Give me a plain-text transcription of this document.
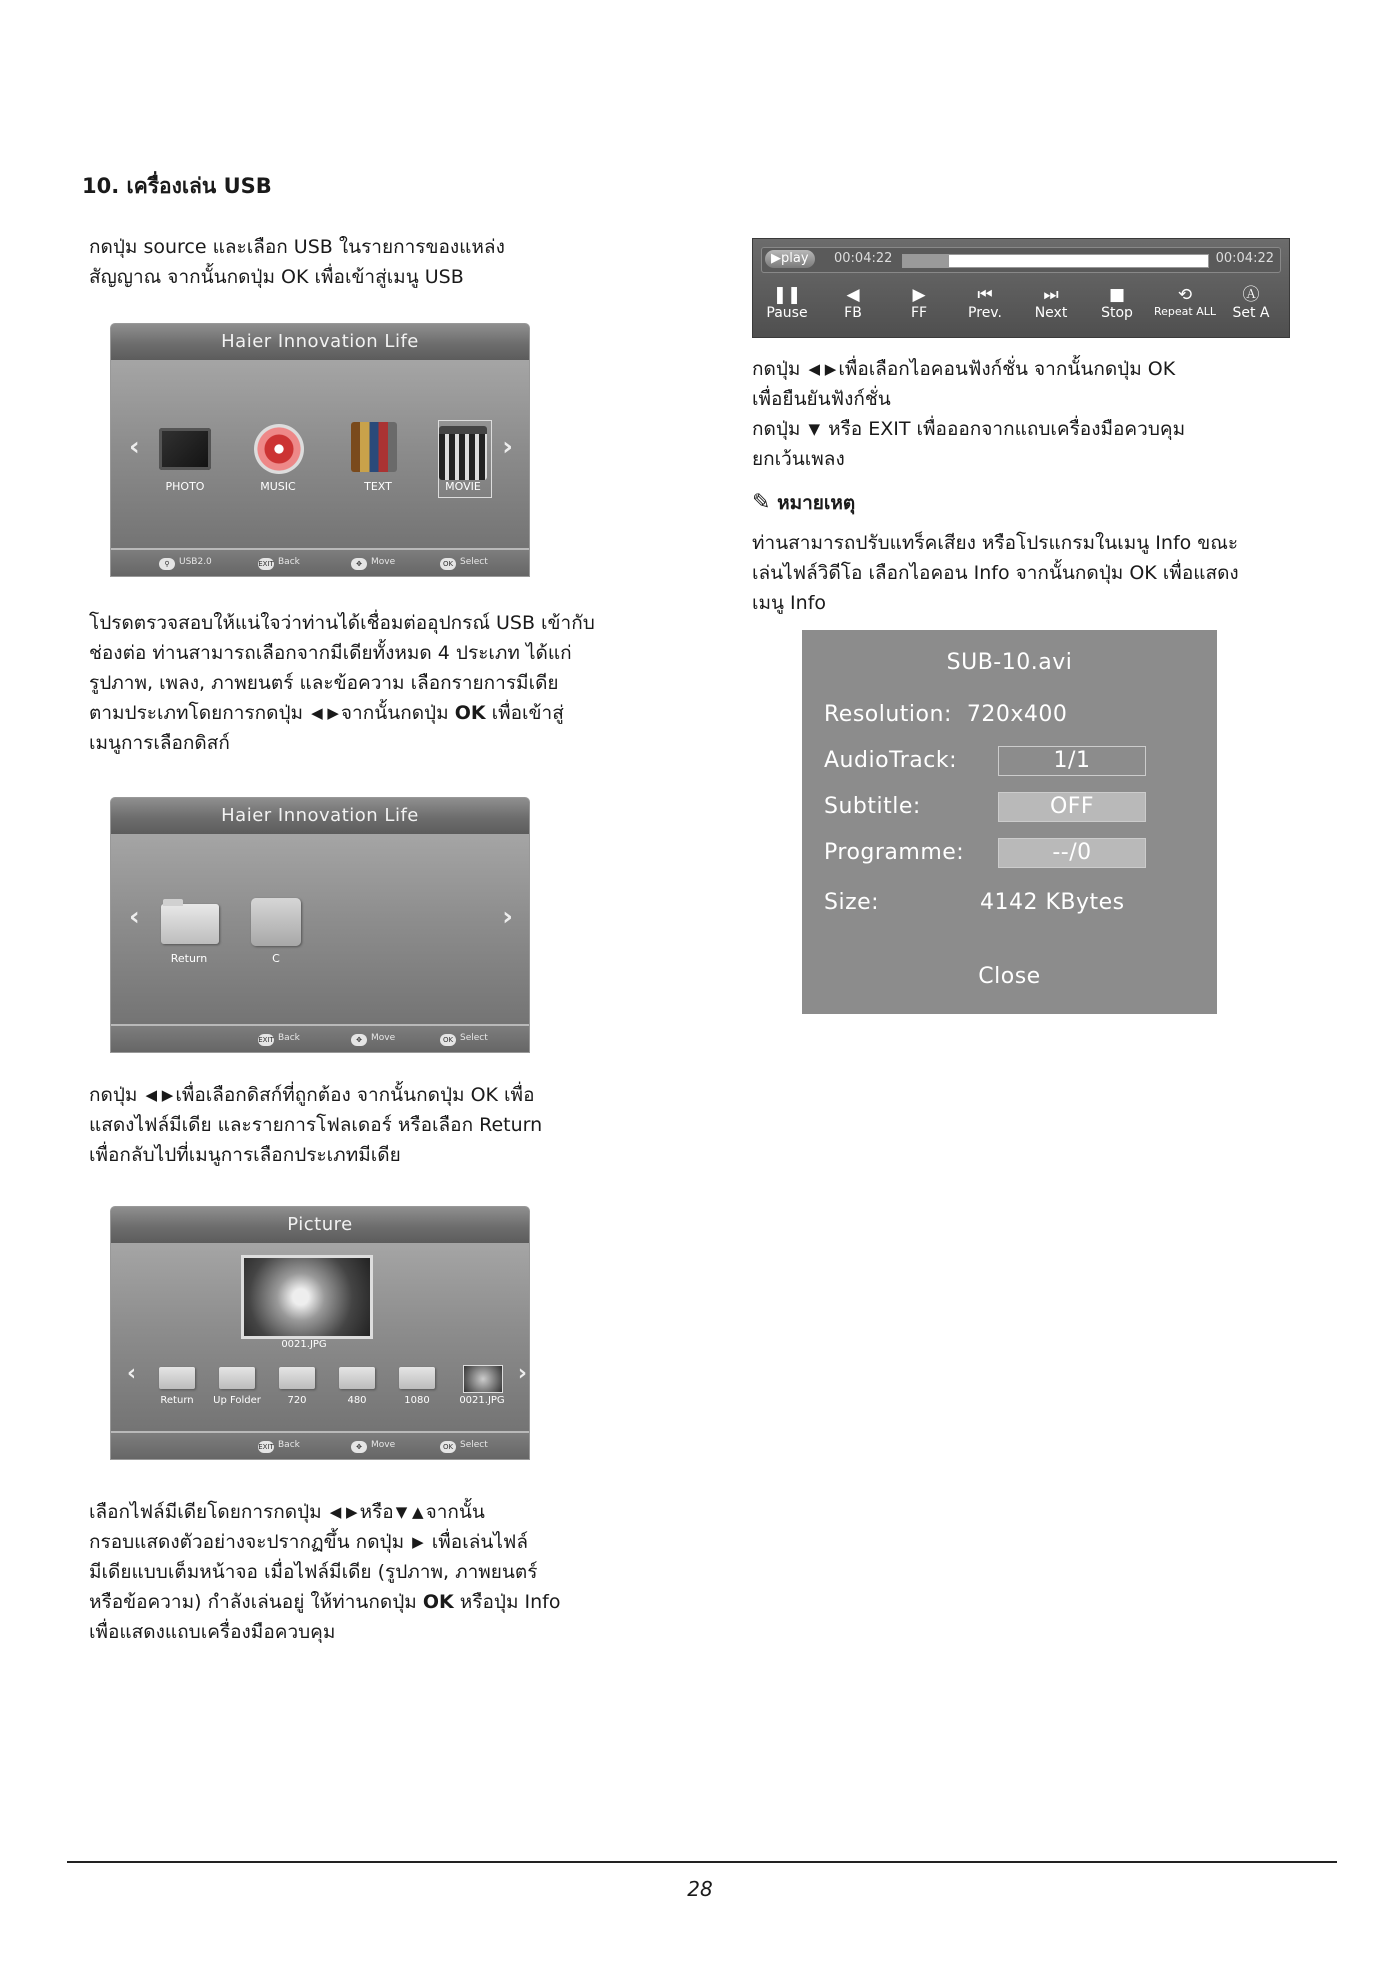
10. เครื่องเล่น USB
กดปุ่ม source และเลือก USB ในรายการของแหล่ง
สัญญาณ จากนั้นกดปุ่ม OK เพื่อเข้าสู่เมนู USB
Haier Innovation Life
‹	›
PHOTO	MUSIC	TEXT	MOVIE
⚲ USB2.0	EXIT Back	✥ Move	OK Select
โปรดตรวจสอบให้แน่ใจว่าท่านได้เชื่อมต่ออุปกรณ์ USB เข้ากับ
ช่องต่อ ท่านสามารถเลือกจากมีเดียทั้งหมด 4 ประเภท ได้แก่
รูปภาพ, เพลง, ภาพยนตร์ และข้อความ เลือกรายการมีเดีย
ตามประเภทโดยการกดปุ่ม ◀ ▶ จากนั้นกดปุ่ม OK เพื่อเข้าสู่
เมนูการเลือกดิสก์
Haier Innovation Life
‹	›
Return	C
EXIT Back	✥ Move	OK Select
กดปุ่ม ◀ ▶ เพื่อเลือกดิสก์ที่ถูกต้อง จากนั้นกดปุ่ม OK เพื่อ
แสดงไฟล์มีเดีย และรายการโฟลเดอร์ หรือเลือก Return
เพื่อกลับไปที่เมนูการเลือกประเภทมีเดีย
Picture
0021.JPG
‹	›
Return	Up Folder	720	480	1080	0021.JPG
EXIT Back	✥ Move	OK Select
เลือกไฟล์มีเดียโดยการกดปุ่ม ◀ ▶ หรือ ▼ ▲ จากนั้น
กรอบแสดงตัวอย่างจะปรากฏขึ้น กดปุ่ม ▶ เพื่อเล่นไฟล์
มีเดียแบบเต็มหน้าจอ เมื่อไฟล์มีเดีย (รูปภาพ, ภาพยนตร์
หรือข้อความ) กำลังเล่นอยู่ ให้ท่านกดปุ่ม OK หรือปุ่ม Info
เพื่อแสดงแถบเครื่องมือควบคุม
▶play	00:04:22	00:04:22
❚❚
Pause
◀
FB
▶
FF
⏮
Prev.
⏭
Next
■
Stop
⟲
Repeat ALL
Ⓐ
Set A
กดปุ่ม ◀ ▶ เพื่อเลือกไอคอนฟังก์ชั่น จากนั้นกดปุ่ม OK
เพื่อยืนยันฟังก์ชั่น
กดปุ่ม ▼ หรือ EXIT เพื่อออกจากแถบเครื่องมือควบคุม
ยกเว้นเพลง
✎ หมายเหตุ
ท่านสามารถปรับแทร็คเสียง หรือโปรแกรมในเมนู Info ขณะ
เล่นไฟล์วิดีโอ เลือกไอคอน Info จากนั้นกดปุ่ม OK เพื่อแสดง
เมนู Info
SUB-10.avi
Resolution: 720x400
AudioTrack:	1/1
Subtitle:	OFF
Programme:	--/0
Size:	4142 KBytes
Close
28
